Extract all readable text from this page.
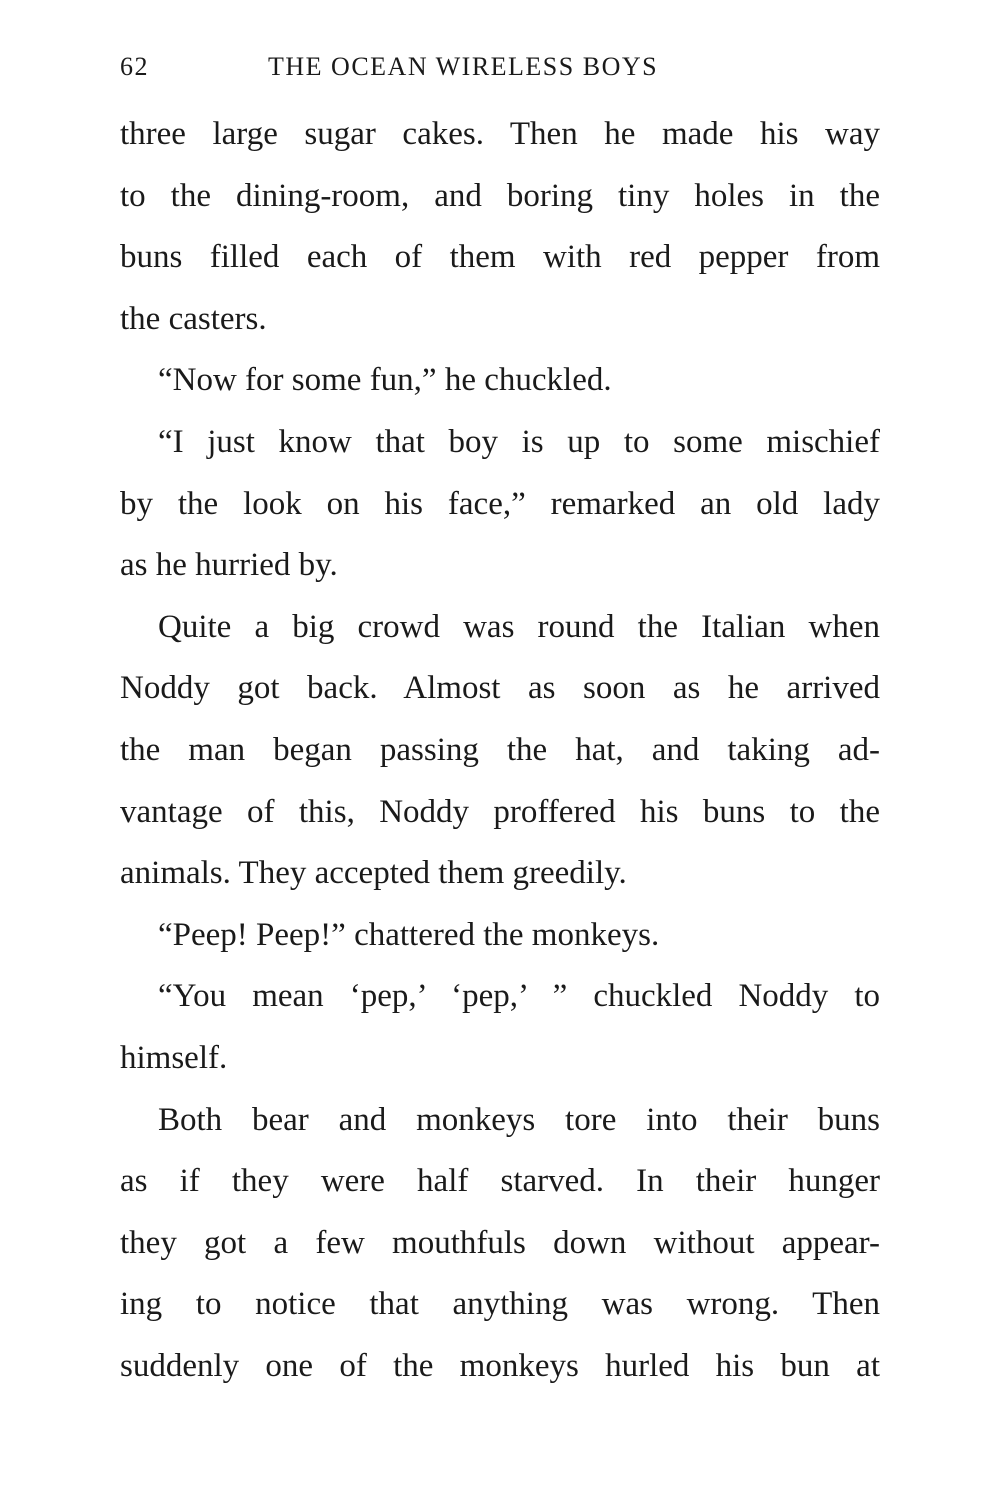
62	THE OCEAN WIRELESS BOYS
three large sugar cakes. Then he made his way
to the dining-room, and boring tiny holes in the
buns filled each of them with red pepper from
the casters.
“Now for some fun,” he chuckled.
“I just know that boy is up to some mischief
by the look on his face,” remarked an old lady
as he hurried by.
Quite a big crowd was round the Italian when
Noddy got back. Almost as soon as he arrived
the man began passing the hat, and taking ad-
vantage of this, Noddy proffered his buns to the
animals. They accepted them greedily.
“Peep! Peep!” chattered the monkeys.
“You mean ‘pep,’ ‘pep,’ ” chuckled Noddy to
himself.
Both bear and monkeys tore into their buns
as if they were half starved. In their hunger
they got a few mouthfuls down without appear-
ing to notice that anything was wrong. Then
suddenly one of the monkeys hurled his bun at
